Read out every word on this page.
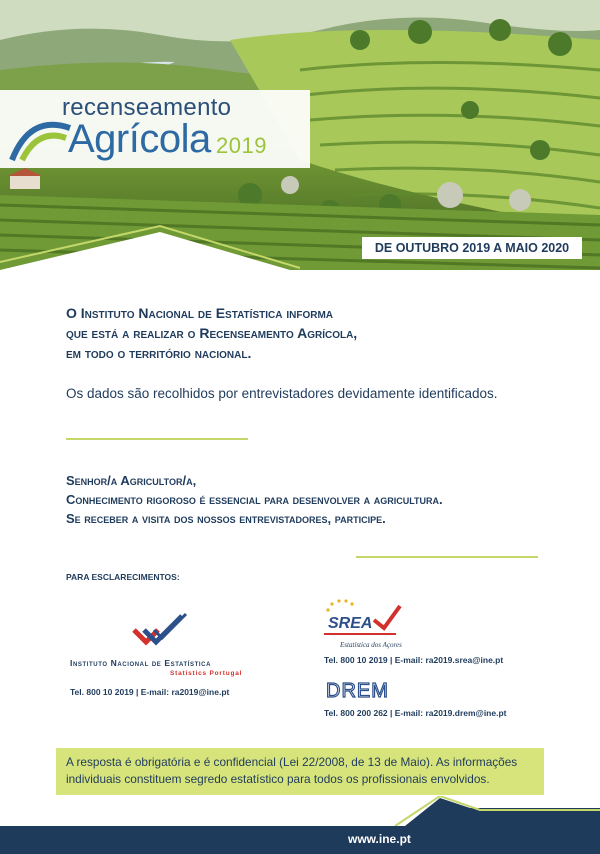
recenseamento
Agrícola 2019
DE OUTUBRO 2019 A MAIO 2020
O Instituto Nacional de Estatística informa
que está a realizar o Recenseamento Agrícola,
em todo o território nacional.
Os dados são recolhidos por entrevistadores devidamente identificados.
Senhor/a Agricultor/a,
Conhecimento rigoroso é essencial para desenvolver a agricultura.
Se receber a visita dos nossos entrevistadores, participe.
PARA ESCLARECIMENTOS:
Instituto Nacional de Estatística
Statistics Portugal
Tel. 800 10 2019 | E-mail: ra2019@ine.pt
SREA
Estatística dos Açores
Tel. 800 10 2019 | E-mail: ra2019.srea@ine.pt
DREM
Tel. 800 200 262 | E-mail: ra2019.drem@ine.pt
A resposta é obrigatória e é confidencial (Lei 22/2008, de 13 de Maio). As informações
individuais constituem segredo estatístico para todos os profissionais envolvidos.
www.ine.pt
